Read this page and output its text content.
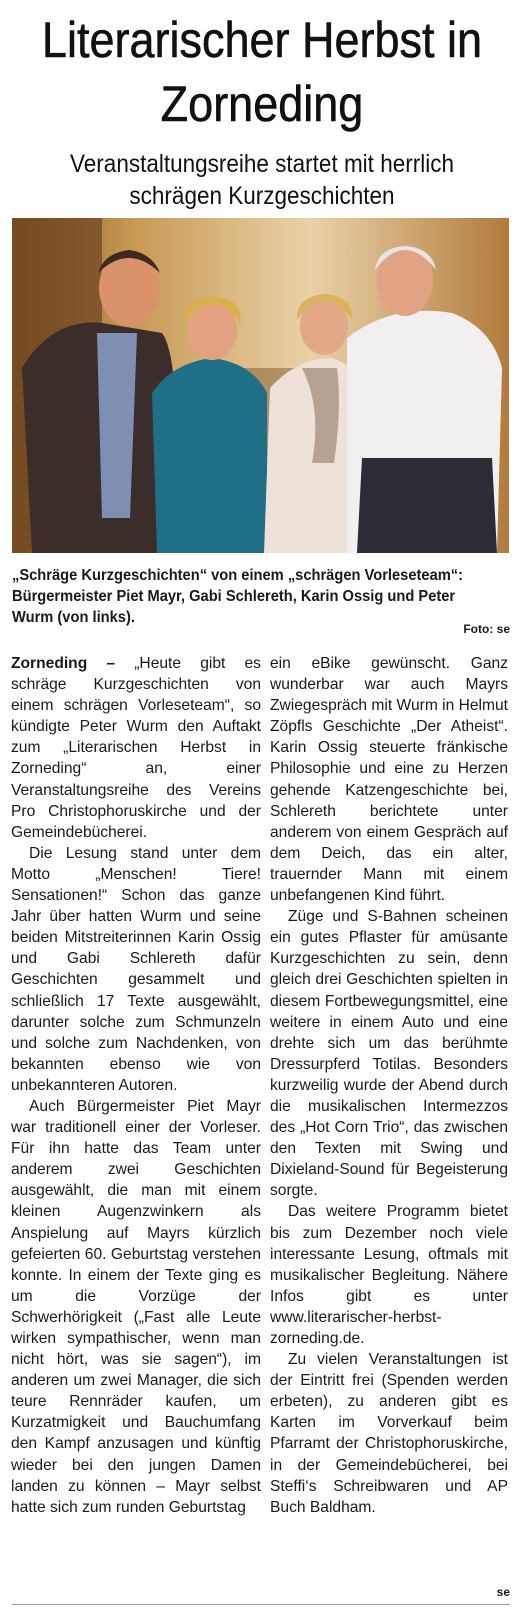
Literarischer Herbst in Zorneding
Veranstaltungsreihe startet mit herrlich schrägen Kurzgeschichten
„Schräge Kurzgeschichten“ von einem „schrägen Vorleseteam“: Bürgermeister Piet Mayr, Gabi Schlereth, Karin Ossig und Peter Wurm (von links).
Foto: se

Zorneding – „Heute gibt es schräge Kurzgeschichten von einem schrägen Vorleseteam“, so kündigte Peter Wurm den Auftakt zum „Literarischen Herbst in Zorneding“ an, einer Veranstaltungsreihe des Vereins Pro Christophoruskirche und der Gemeindebücherei.

Die Lesung stand unter dem Motto „Menschen! Tiere! Sensationen!“ Schon das ganze Jahr über hatten Wurm und seine beiden Mitstreiterinnen Karin Ossig und Gabi Schlereth dafür Geschichten gesammelt und schließlich 17 Texte ausgewählt, darunter solche zum Schmunzeln und solche zum Nachdenken, von bekannten ebenso wie von unbekannteren Autoren.

Auch Bürgermeister Piet Mayr war traditionell einer der Vorleser. Für ihn hatte das Team unter anderem zwei Geschichten ausgewählt, die man mit einem kleinen Augenzwinkern als Anspielung auf Mayrs kürzlich gefeierten 60. Geburtstag verstehen konnte. In einem der Texte ging es um die Vorzüge der Schwerhörigkeit („Fast alle Leute wirken sympathischer, wenn man nicht hört, was sie sagen“), im anderen um zwei Manager, die sich teure Rennräder kaufen, um Kurzatmigkeit und Bauchumfang den Kampf anzusagen und künftig wieder bei den jungen Damen landen zu können – Mayr selbst hatte sich zum runden Geburtstag

ein eBike gewünscht. Ganz wunderbar war auch Mayrs Zwiegespräch mit Wurm in Helmut Zöpfls Geschichte „Der Atheist“. Karin Ossig steuerte fränkische Philosophie und eine zu Herzen gehende Katzengeschichte bei, Schlereth berichtete unter anderem von einem Gespräch auf dem Deich, das ein alter, trauernder Mann mit einem unbefangenen Kind führt.

Züge und S-Bahnen scheinen ein gutes Pflaster für amüsante Kurzgeschichten zu sein, denn gleich drei Geschichten spielten in diesem Fortbewegungsmittel, eine weitere in einem Auto und eine drehte sich um das berühmte Dressurpferd Totilas. Besonders kurzweilig wurde der Abend durch die musikalischen Intermezzos des „Hot Corn Trio“, das zwischen den Texten mit Swing und Dixieland-Sound für Begeisterung sorgte.

Das weitere Programm bietet bis zum Dezember noch viele interessante Lesung, oftmals mit musikalischer Begleitung. Nähere Infos gibt es unter www.literarischer-herbst-zorneding.de.

Zu vielen Veranstaltungen ist der Eintritt frei (Spenden werden erbeten), zu anderen gibt es Karten im Vorverkauf beim Pfarramt der Christophoruskirche, in der Gemeindebücherei, bei Steffi‘s Schreibwaren und AP Buch Baldham.

se
